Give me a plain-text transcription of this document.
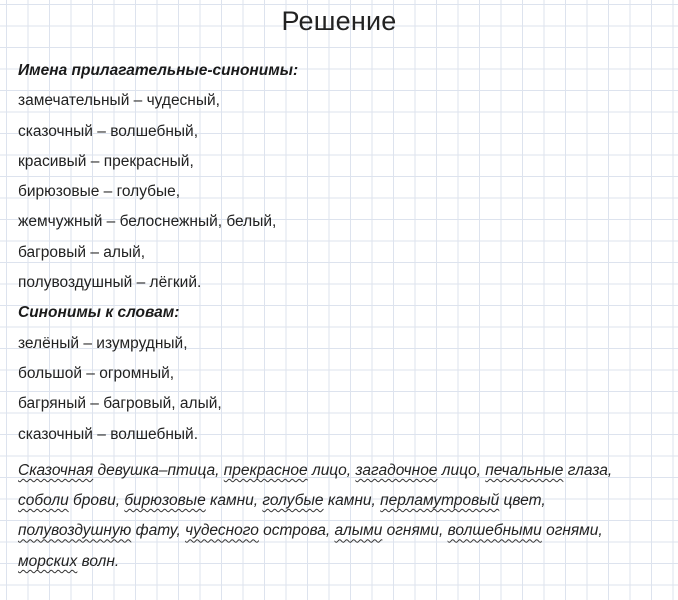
Решение
Имена прилагательные-синонимы:
замечательный – чудесный,
сказочный – волшебный,
красивый – прекрасный,
бирюзовые – голубые,
жемчужный – белоснежный, белый,
багровый – алый,
полувоздушный – лёгкий.
Синонимы к словам:
зелёный – изумрудный,
большой – огромный,
багряный – багровый, алый,
сказочный – волшебный.
Сказочная девушка–птица, прекрасное лицо, загадочное лицо, печальные глаза, соболи брови, бирюзовые камни, голубые камни, перламутровый цвет, полувоздушную фату, чудесного острова, алыми огнями, волшебными огнями, морских волн.
